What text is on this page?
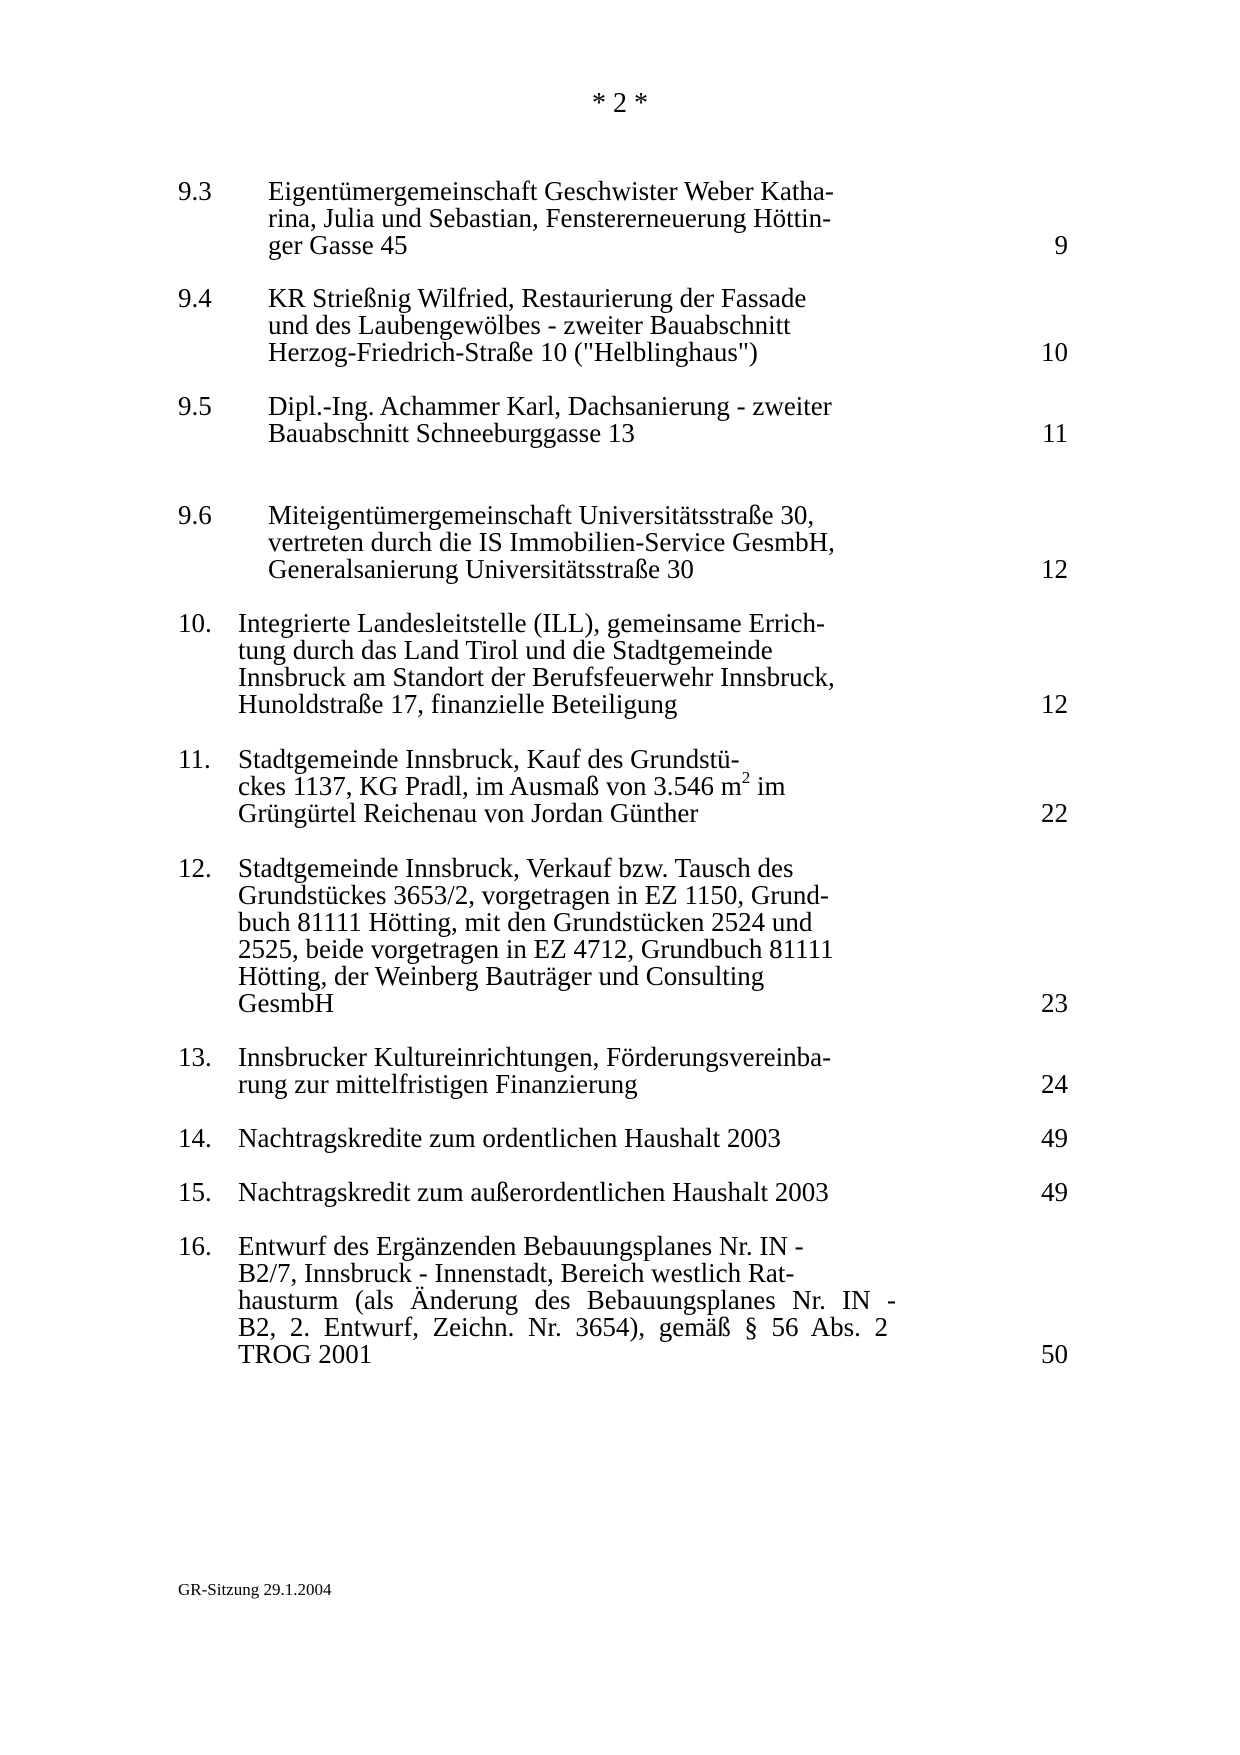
* 2 *
9.3 Eigentümergemeinschaft Geschwister Weber Katha-
rina, Julia und Sebastian, Fenstererneuerung Höttin-
ger Gasse 45	9
9.4 KR Strießnig Wilfried, Restaurierung der Fassade
und des Laubengewölbes - zweiter Bauabschnitt
Herzog-Friedrich-Straße 10 ("Helblinghaus")	10
9.5 Dipl.-Ing. Achammer Karl, Dachsanierung - zweiter
Bauabschnitt Schneeburggasse 13	11
9.6 Miteigentümergemeinschaft Universitätsstraße 30,
vertreten durch die IS Immobilien-Service GesmbH,
Generalsanierung Universitätsstraße 30	12
10. Integrierte Landesleitstelle (ILL), gemeinsame Errich-
tung durch das Land Tirol und die Stadtgemeinde
Innsbruck am Standort der Berufsfeuerwehr Innsbruck,
Hunoldstraße 17, finanzielle Beteiligung	12
11. Stadtgemeinde Innsbruck, Kauf des Grundstü-
ckes 1137, KG Pradl, im Ausmaß von 3.546 $m^2$ im
Grüngürtel Reichenau von Jordan Günther	22
12. Stadtgemeinde Innsbruck, Verkauf bzw. Tausch des
Grundstückes 3653/2, vorgetragen in EZ 1150, Grund-
buch 81111 Hötting, mit den Grundstücken 2524 und
2525, beide vorgetragen in EZ 4712, Grundbuch 81111
Hötting, der Weinberg Bauträger und Consulting
GesmbH	23
13. Innsbrucker Kultureinrichtungen, Förderungsvereinba-
rung zur mittelfristigen Finanzierung	24
14. Nachtragskredite zum ordentlichen Haushalt 2003	49
15. Nachtragskredit zum außerordentlichen Haushalt 2003	49
16. Entwurf des Ergänzenden Bebauungsplanes Nr. IN -
B2/7, Innsbruck - Innenstadt, Bereich westlich Rat-
hausturm (als Änderung des Bebauungsplanes Nr. IN -
B2, 2. Entwurf, Zeichn. Nr. 3654), gemäß § 56 Abs. 2
TROG 2001	50
GR-Sitzung 29.1.2004
